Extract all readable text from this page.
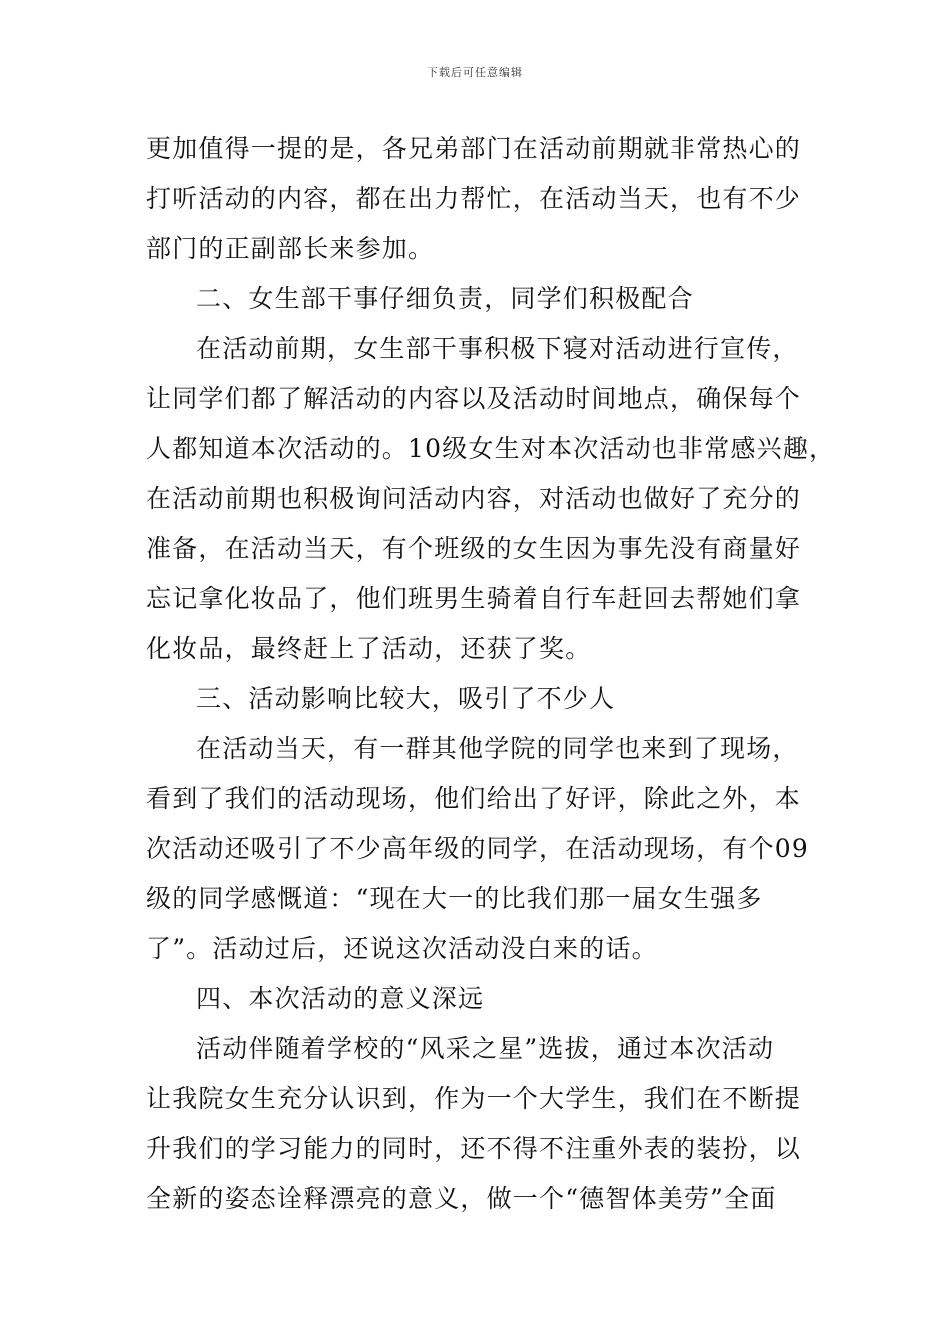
下载后可任意编辑
更加值得一提的是，各兄弟部门在活动前期就非常热心的
打听活动的内容，都在出力帮忙，在活动当天，也有不少
部门的正副部长来参加。
二、女生部干事仔细负责，同学们积极配合
在活动前期，女生部干事积极下寝对活动进行宣传，
让同学们都了解活动的内容以及活动时间地点，确保每个
人都知道本次活动的。10级女生对本次活动也非常感兴趣，
在活动前期也积极询问活动内容，对活动也做好了充分的
准备，在活动当天，有个班级的女生因为事先没有商量好
忘记拿化妆品了，他们班男生骑着自行车赶回去帮她们拿
化妆品，最终赶上了活动，还获了奖。
三、活动影响比较大，吸引了不少人
在活动当天，有一群其他学院的同学也来到了现场，
看到了我们的活动现场，他们给出了好评，除此之外，本
次活动还吸引了不少高年级的同学，在活动现场，有个09
级的同学感慨道：“现在大一的比我们那一届女生强多
了”。活动过后，还说这次活动没白来的话。
四、本次活动的意义深远
活动伴随着学校的“风采之星”选拔，通过本次活动
让我院女生充分认识到，作为一个大学生，我们在不断提
升我们的学习能力的同时，还不得不注重外表的装扮，以
全新的姿态诠释漂亮的意义，做一个“德智体美劳”全面
